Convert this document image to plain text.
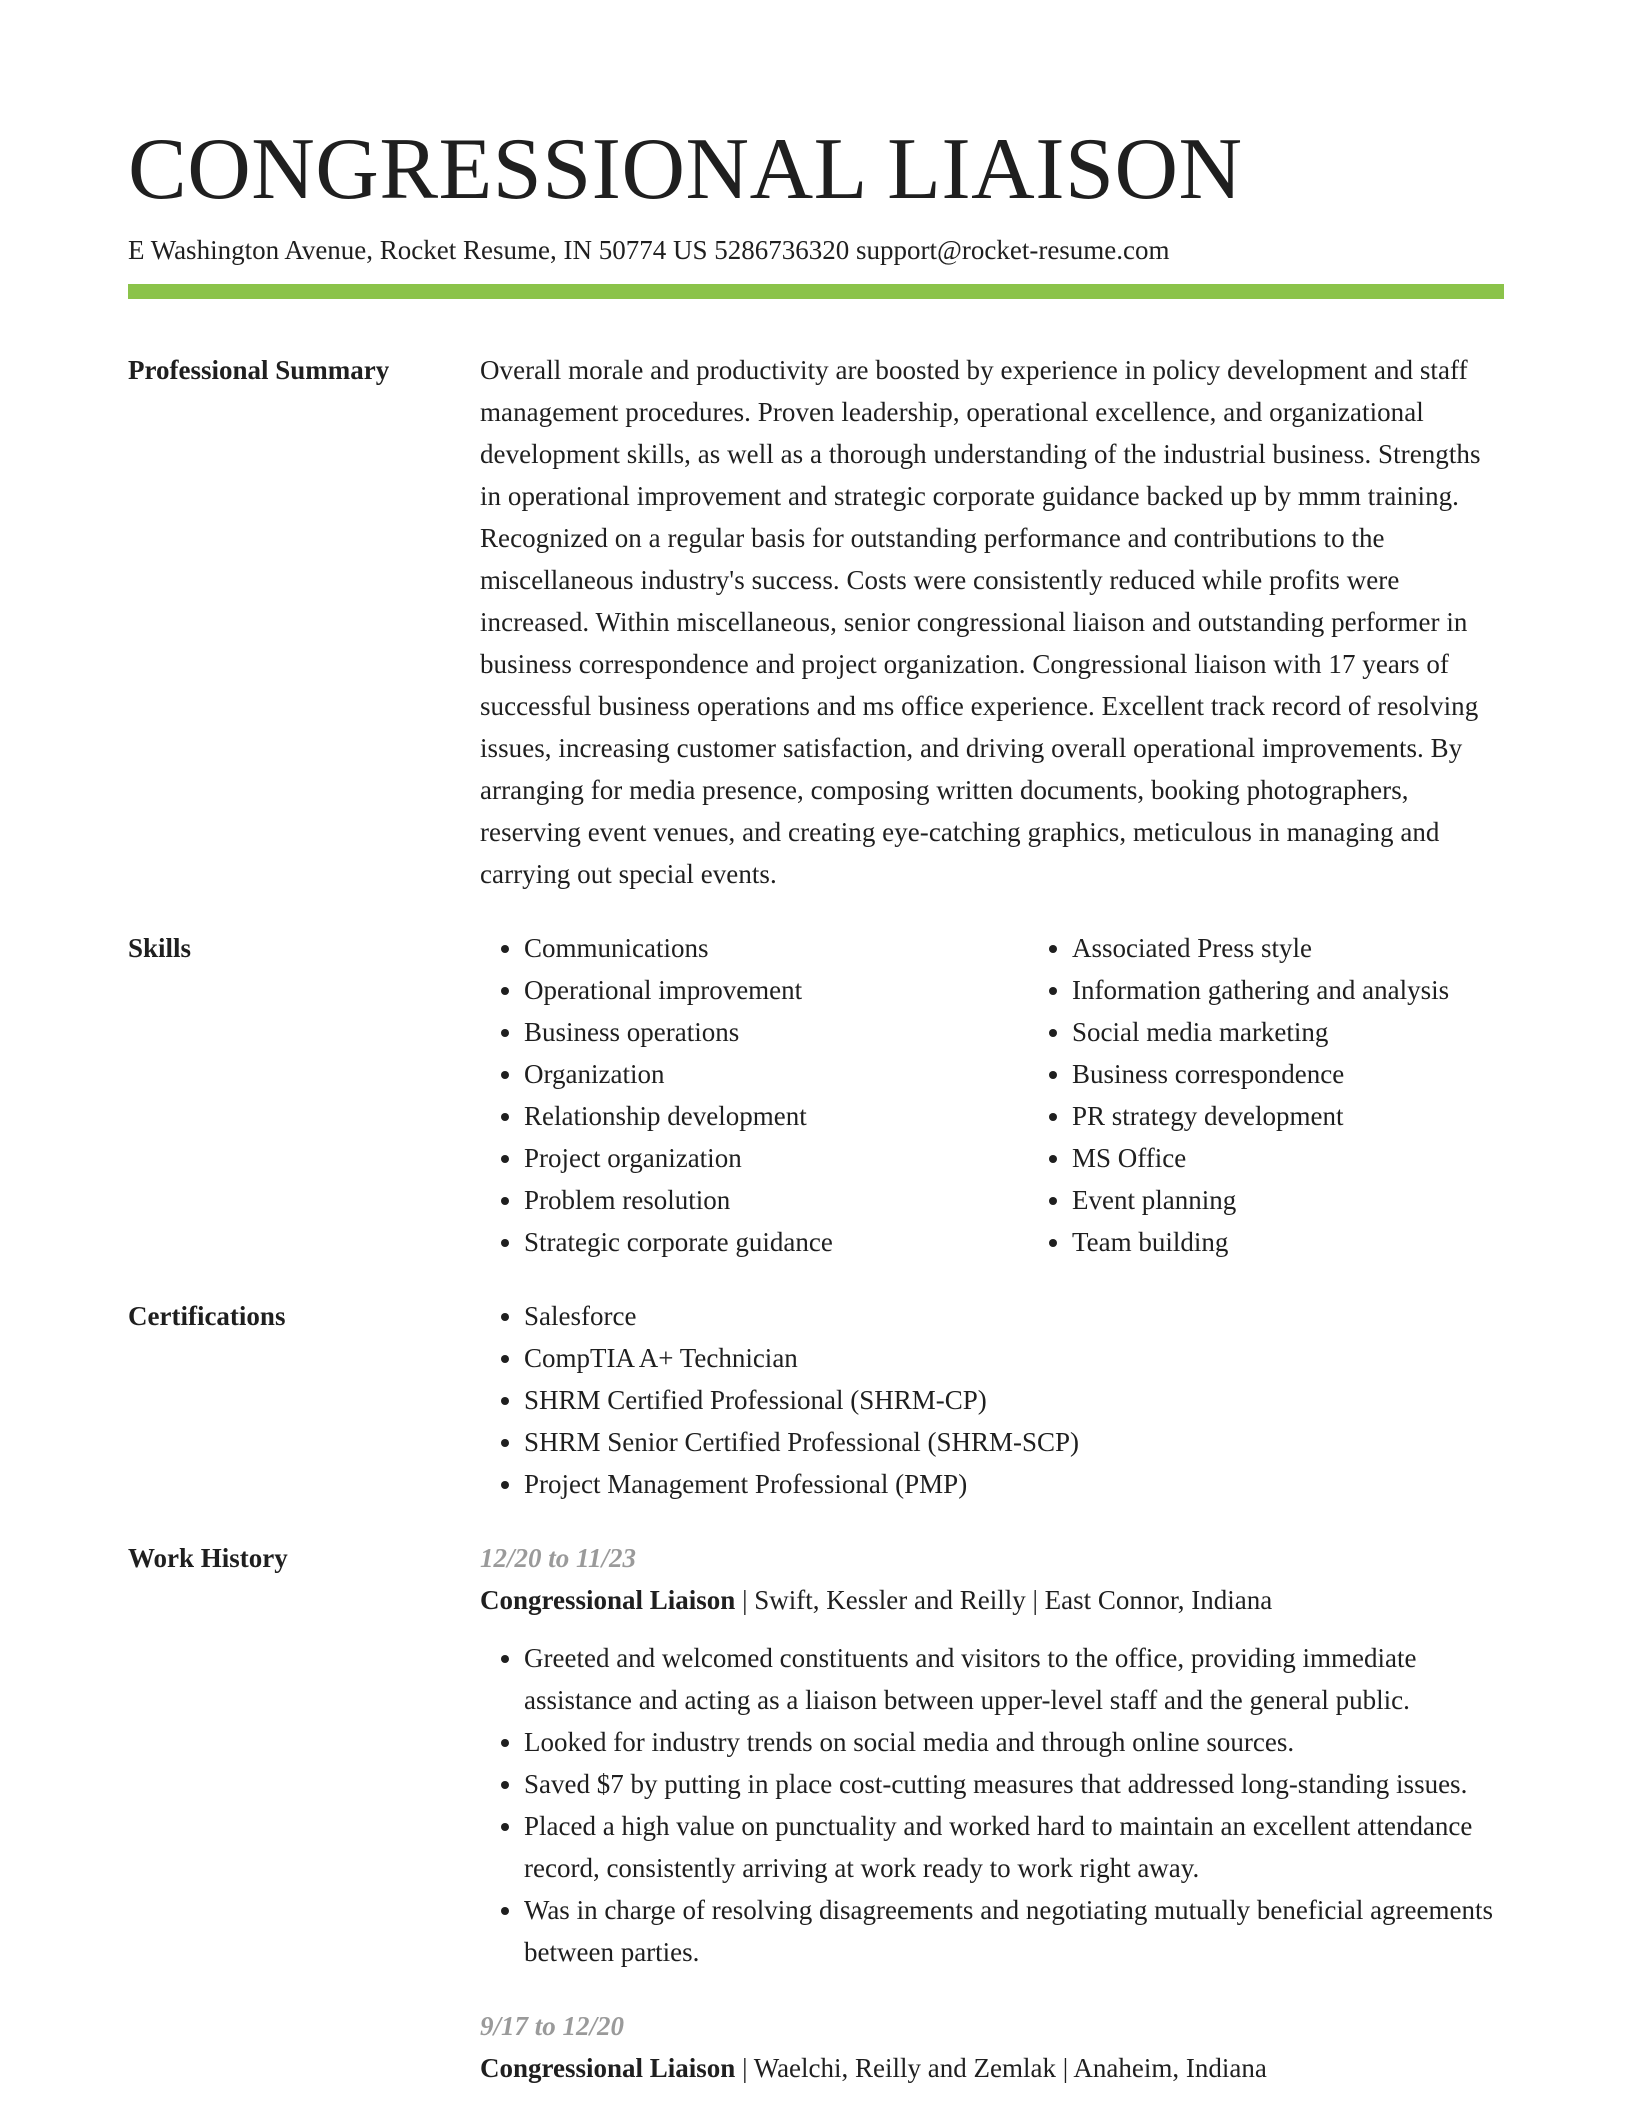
CONGRESSIONAL LIAISON
E Washington Avenue, Rocket Resume, IN 50774 US 5286736320 support@rocket-resume.com
Professional Summary	Overall morale and productivity are boosted by experience in policy development and staff management procedures. Proven leadership, operational excellence, and organizational development skills, as well as a thorough understanding of the industrial business. Strengths in operational improvement and strategic corporate guidance backed up by mmm training. Recognized on a regular basis for outstanding performance and contributions to the miscellaneous industry's success. Costs were consistently reduced while profits were increased. Within miscellaneous, senior congressional liaison and outstanding performer in business correspondence and project organization. Congressional liaison with 17 years of successful business operations and ms office experience. Excellent track record of resolving issues, increasing customer satisfaction, and driving overall operational improvements. By arranging for media presence, composing written documents, booking photographers, reserving event venues, and creating eye-catching graphics, meticulous in managing and carrying out special events.

Skills	• Communications
• Operational improvement
• Business operations
• Organization
• Relationship development
• Project organization
• Problem resolution
• Strategic corporate guidance
• Associated Press style
• Information gathering and analysis
• Social media marketing
• Business correspondence
• PR strategy development
• MS Office
• Event planning
• Team building
Certifications	• Salesforce
• CompTIA A+ Technician
• SHRM Certified Professional (SHRM-CP)
• SHRM Senior Certified Professional (SHRM-SCP)
• Project Management Professional (PMP)
Work History	12/20 to 11/23
Congressional Liaison | Swift, Kessler and Reilly | East Connor, Indiana
• Greeted and welcomed constituents and visitors to the office, providing immediate assistance and acting as a liaison between upper-level staff and the general public.
• Looked for industry trends on social media and through online sources.
• Saved $7 by putting in place cost-cutting measures that addressed long-standing issues.
• Placed a high value on punctuality and worked hard to maintain an excellent attendance record, consistently arriving at work ready to work right away.
• Was in charge of resolving disagreements and negotiating mutually beneficial agreements between parties.
9/17 to 12/20
Congressional Liaison | Waelchi, Reilly and Zemlak | Anaheim, Indiana
